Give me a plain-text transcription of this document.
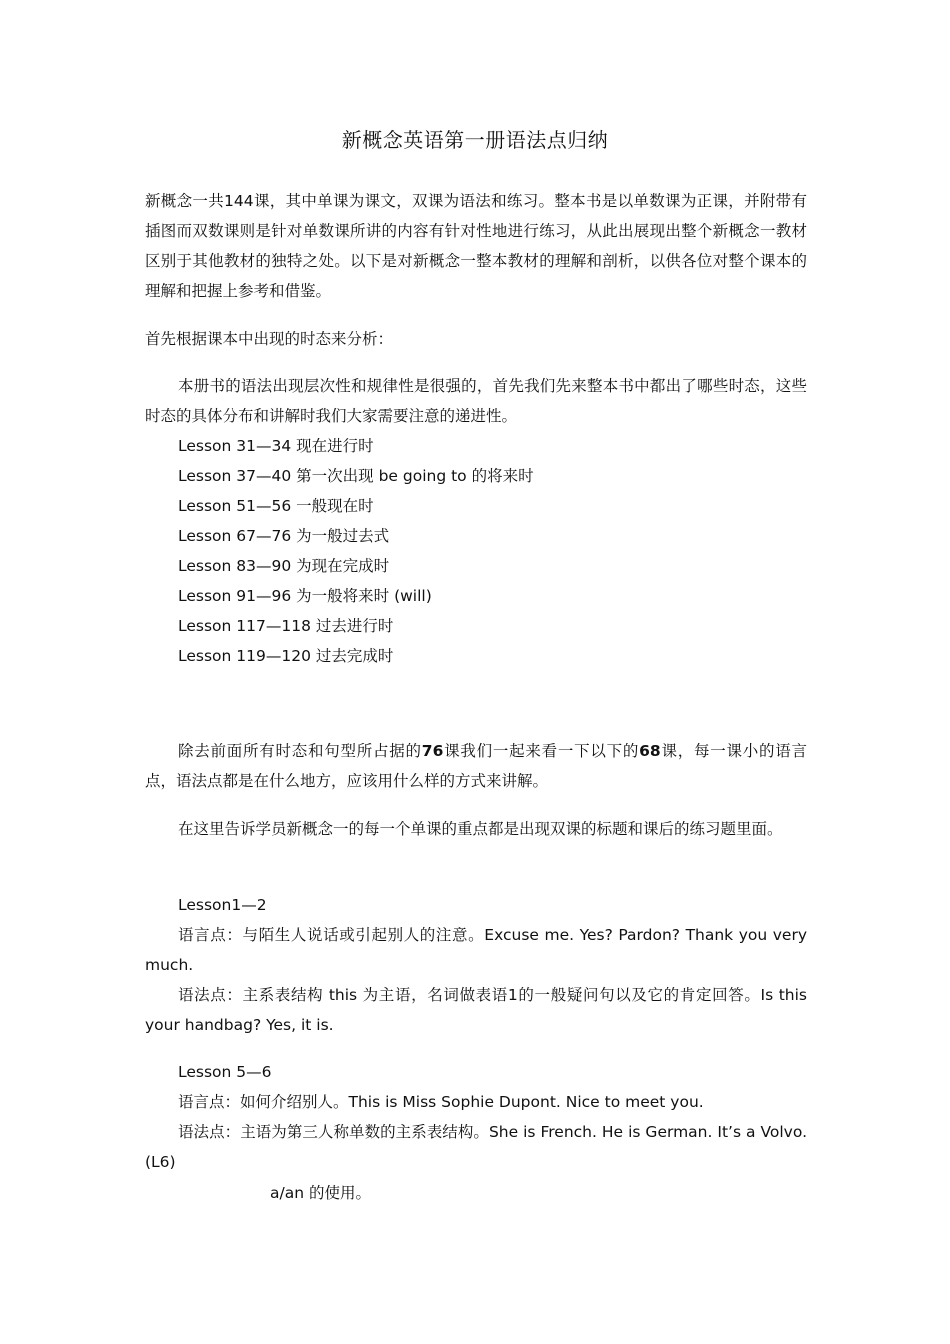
新概念英语第一册语法点归纳

新概念一共144课，其中单课为课文，双课为语法和练习。整本书是以单数课为正课，并附带有插图而双数课则是针对单数课所讲的内容有针对性地进行练习，从此出展现出整个新概念一教材区别于其他教材的独特之处。以下是对新概念一整本教材的理解和剖析，以供各位对整个课本的理解和把握上参考和借鉴。

首先根据课本中出现的时态来分析：

本册书的语法出现层次性和规律性是很强的，首先我们先来整本书中都出了哪些时态，这些时态的具体分布和讲解时我们大家需要注意的递进性。

Lesson 31—34 现在进行时
Lesson 37—40 第一次出现 be going to 的将来时
Lesson 51—56 一般现在时
Lesson 67—76 为一般过去式
Lesson 83—90 为现在完成时
Lesson 91—96 为一般将来时 (will)
Lesson 117—118 过去进行时
Lesson 119—120 过去完成时

除去前面所有时态和句型所占据的76课我们一起来看一下以下的68课，每一课小的语言点，语法点都是在什么地方，应该用什么样的方式来讲解。

在这里告诉学员新概念一的每一个单课的重点都是出现双课的标题和课后的练习题里面。

Lesson1—2
语言点：与陌生人说话或引起别人的注意。Excuse me. Yes? Pardon? Thank you very much.
语法点：主系表结构 this 为主语，名词做表语1的一般疑问句以及它的肯定回答。Is this your handbag? Yes, it is.
Lesson 5—6
语言点：如何介绍别人。This is Miss Sophie Dupont. Nice to meet you.
语法点：主语为第三人称单数的主系表结构。She is French. He is German. It’s a Volvo.(L6)
a/an 的使用。
